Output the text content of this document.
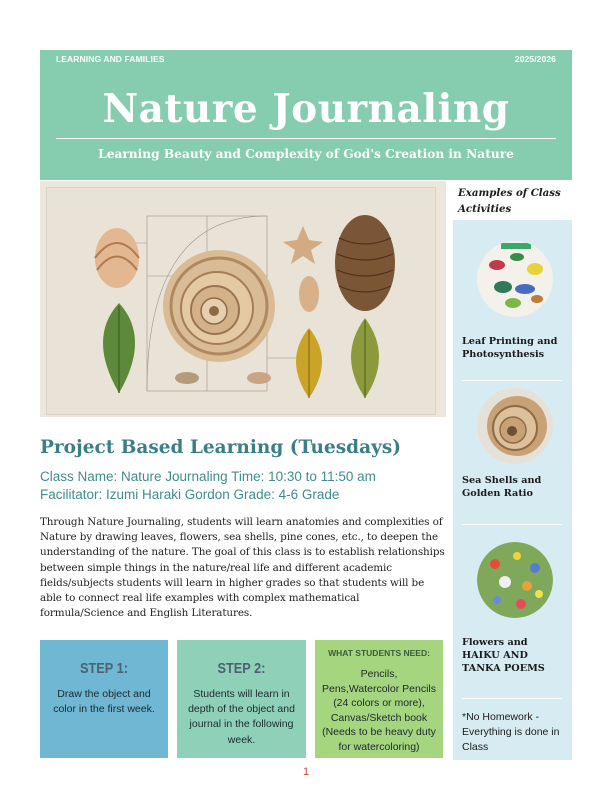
LEARNING AND FAMILIES	2025/2026
Nature Journaling
Learning Beauty and Complexity of God's Creation in Nature
Project Based Learning (Tuesdays)
Class Name: Nature Journaling Time: 10:30 to 11:50 am
Facilitator: Izumi Haraki Gordon Grade: 4-6 Grade
Through Nature Journaling, students will learn anatomies and complexities of Nature by drawing leaves, flowers, sea shells, pine cones, etc., to deepen the understanding of the nature. The goal of this class is to establish relationships between simple things in the nature/real life and different academic fields/subjects students will learn in higher grades so that students will be able to connect real life examples with complex mathematical formula/Science and English Literatures.
STEP 1:
Draw the object and color in the first week.
STEP 2:
Students will learn in depth of the object and journal in the following week.
WHAT STUDENTS NEED:
Pencils, Pens,Watercolor Pencils (24 colors or more), Canvas/Sketch book (Needs to be heavy duty for watercoloring)
Examples of Class Activities
Leaf Printing and Photosynthesis
Sea Shells and Golden Ratio
Flowers and HAIKU AND TANKA POEMS
*No Homework - Everything is done in Class
1
